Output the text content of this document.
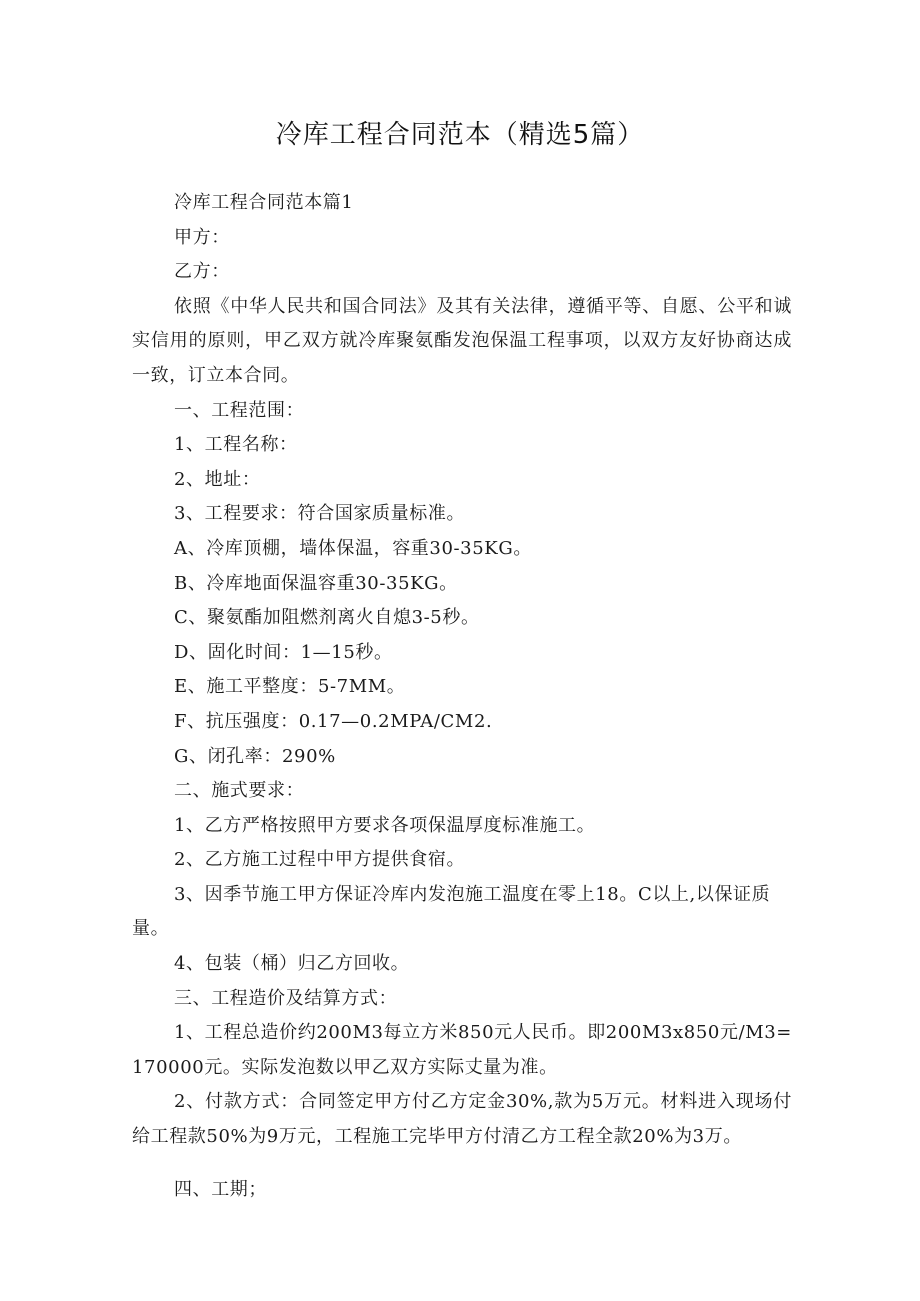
冷库工程合同范本（精选5篇）

冷库工程合同范本篇1

甲方：

乙方：

依照《中华人民共和国合同法》及其有关法律，遵循平等、自愿、公平和诚实信用的原则，甲乙双方就冷库聚氨酯发泡保温工程事项，以双方友好协商达成一致，订立本合同。

一、工程范围：

1、工程名称：

2、地址：

3、工程要求：符合国家质量标准。

A、冷库顶棚，墙体保温，容重30-35KG。

B、冷库地面保温容重30-35KG。

C、聚氨酯加阻燃剂离火自熄3-5秒。

D、固化时间：1—15秒。

E、施工平整度：5-7MM。

F、抗压强度：0.17—0.2MPA/CM2.

G、闭孔率：290%

二、施式要求：

1、乙方严格按照甲方要求各项保温厚度标准施工。

2、乙方施工过程中甲方提供食宿。

3、因季节施工甲方保证冷库内发泡施工温度在零上18。C以上,以保证质量。

4、包装（桶）归乙方回收。

三、工程造价及结算方式：

1、工程总造价约200M3每立方米850元人民币。即200M3x850元/M3=170000元。实际发泡数以甲乙双方实际丈量为准。

2、付款方式：合同签定甲方付乙方定金30%,款为5万元。材料进入现场付给工程款50%为9万元，工程施工完毕甲方付清乙方工程全款20%为3万。

四、工期；
